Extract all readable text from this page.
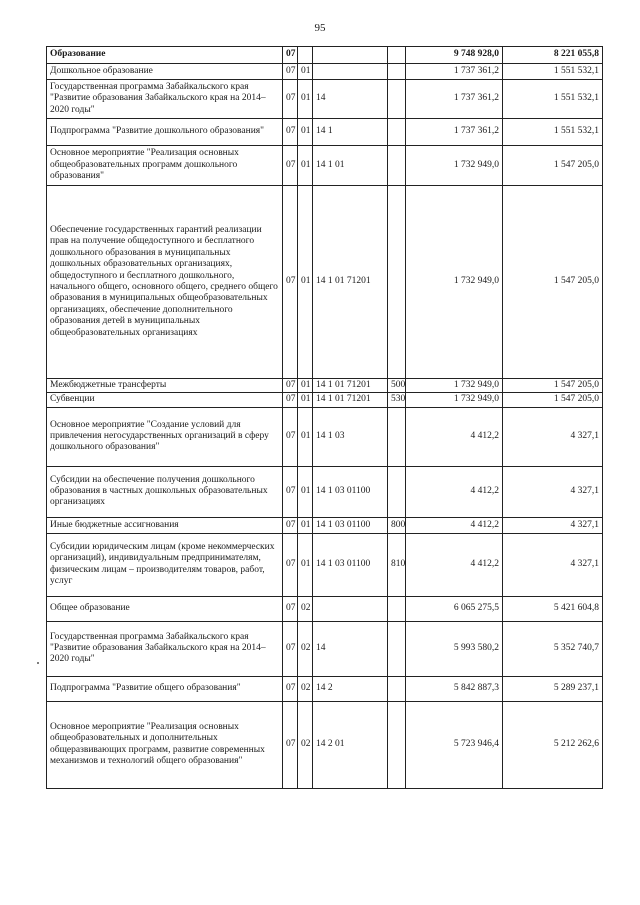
95
Образование	07				9 748 928,0	8 221 055,8
Дошкольное образование	07	01			1 737 361,2	1 551 532,1
Государственная программа Забайкальского края "Развитие образования Забайкальского края на 2014–2020 годы"	07	01	14		1 737 361,2	1 551 532,1
Подпрограмма "Развитие дошкольного образования"	07	01	14 1		1 737 361,2	1 551 532,1
Основное мероприятие "Реализация основных общеобразовательных программ дошкольного образования"	07	01	14 1 01		1 732 949,0	1 547 205,0
Обеспечение государственных гарантий реализации прав на получение общедоступного и бесплатного дошкольного образования в муниципальных дошкольных образовательных организациях, общедоступного и бесплатного дошкольного, начального общего, основного общего, среднего общего образования в муниципальных общеобразовательных организациях, обеспечение дополнительного образования детей в муниципальных общеобразовательных организациях	07	01	14 1 01 71201		1 732 949,0	1 547 205,0
Межбюджетные трансферты	07	01	14 1 01 71201	500	1 732 949,0	1 547 205,0
Субвенции	07	01	14 1 01 71201	530	1 732 949,0	1 547 205,0
Основное мероприятие "Создание условий для привлечения негосударственных организаций в сферу дошкольного образования"	07	01	14 1 03		4 412,2	4 327,1
Субсидии на обеспечение получения дошкольного образования в частных дошкольных образовательных организациях	07	01	14 1 03 01100		4 412,2	4 327,1
Иные бюджетные ассигнования	07	01	14 1 03 01100	800	4 412,2	4 327,1
Субсидии юридическим лицам (кроме некоммерческих организаций), индивидуальным предпринимателям, физическим лицам – производителям товаров, работ, услуг	07	01	14 1 03 01100	810	4 412,2	4 327,1
Общее образование	07	02			6 065 275,5	5 421 604,8
Государственная программа Забайкальского края "Развитие образования Забайкальского края на 2014–2020 годы"	07	02	14		5 993 580,2	5 352 740,7
Подпрограмма "Развитие общего образования"	07	02	14 2		5 842 887,3	5 289 237,1
Основное мероприятие "Реализация основных общеобразовательных и дополнительных общеразвивающих программ, развитие современных механизмов и технологий общего образования"	07	02	14 2 01		5 723 946,4	5 212 262,6
